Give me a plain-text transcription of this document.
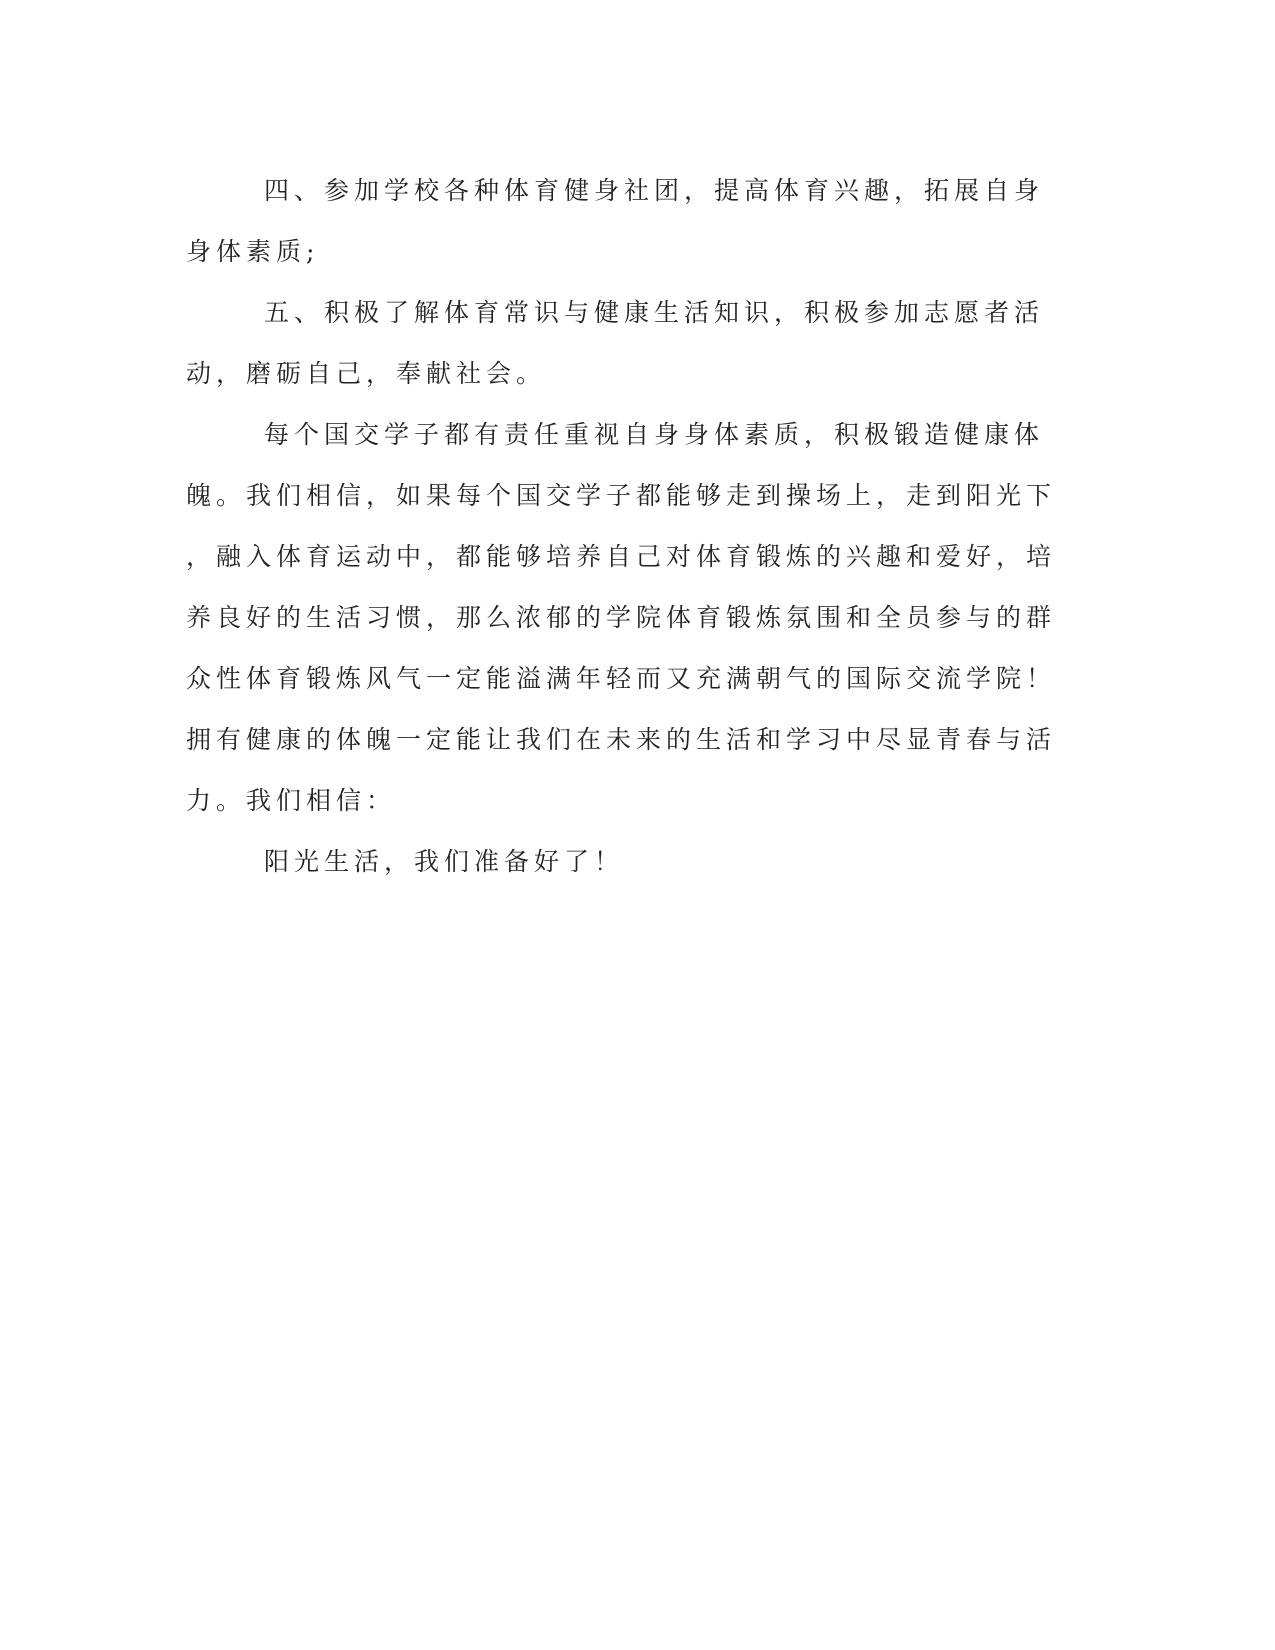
四、参加学校各种体育健身社团，提高体育兴趣，拓展自身身体素质;

五、积极了解体育常识与健康生活知识，积极参加志愿者活动，磨砺自己，奉献社会。

每个国交学子都有责任重视自身身体素质，积极锻造健康体魄。我们相信，如果每个国交学子都能够走到操场上，走到阳光下，融入体育运动中，都能够培养自己对体育锻炼的兴趣和爱好，培养良好的生活习惯，那么浓郁的学院体育锻炼氛围和全员参与的群众性体育锻炼风气一定能溢满年轻而又充满朝气的国际交流学院！拥有健康的体魄一定能让我们在未来的生活和学习中尽显青春与活力。我们相信：

阳光生活，我们准备好了！
